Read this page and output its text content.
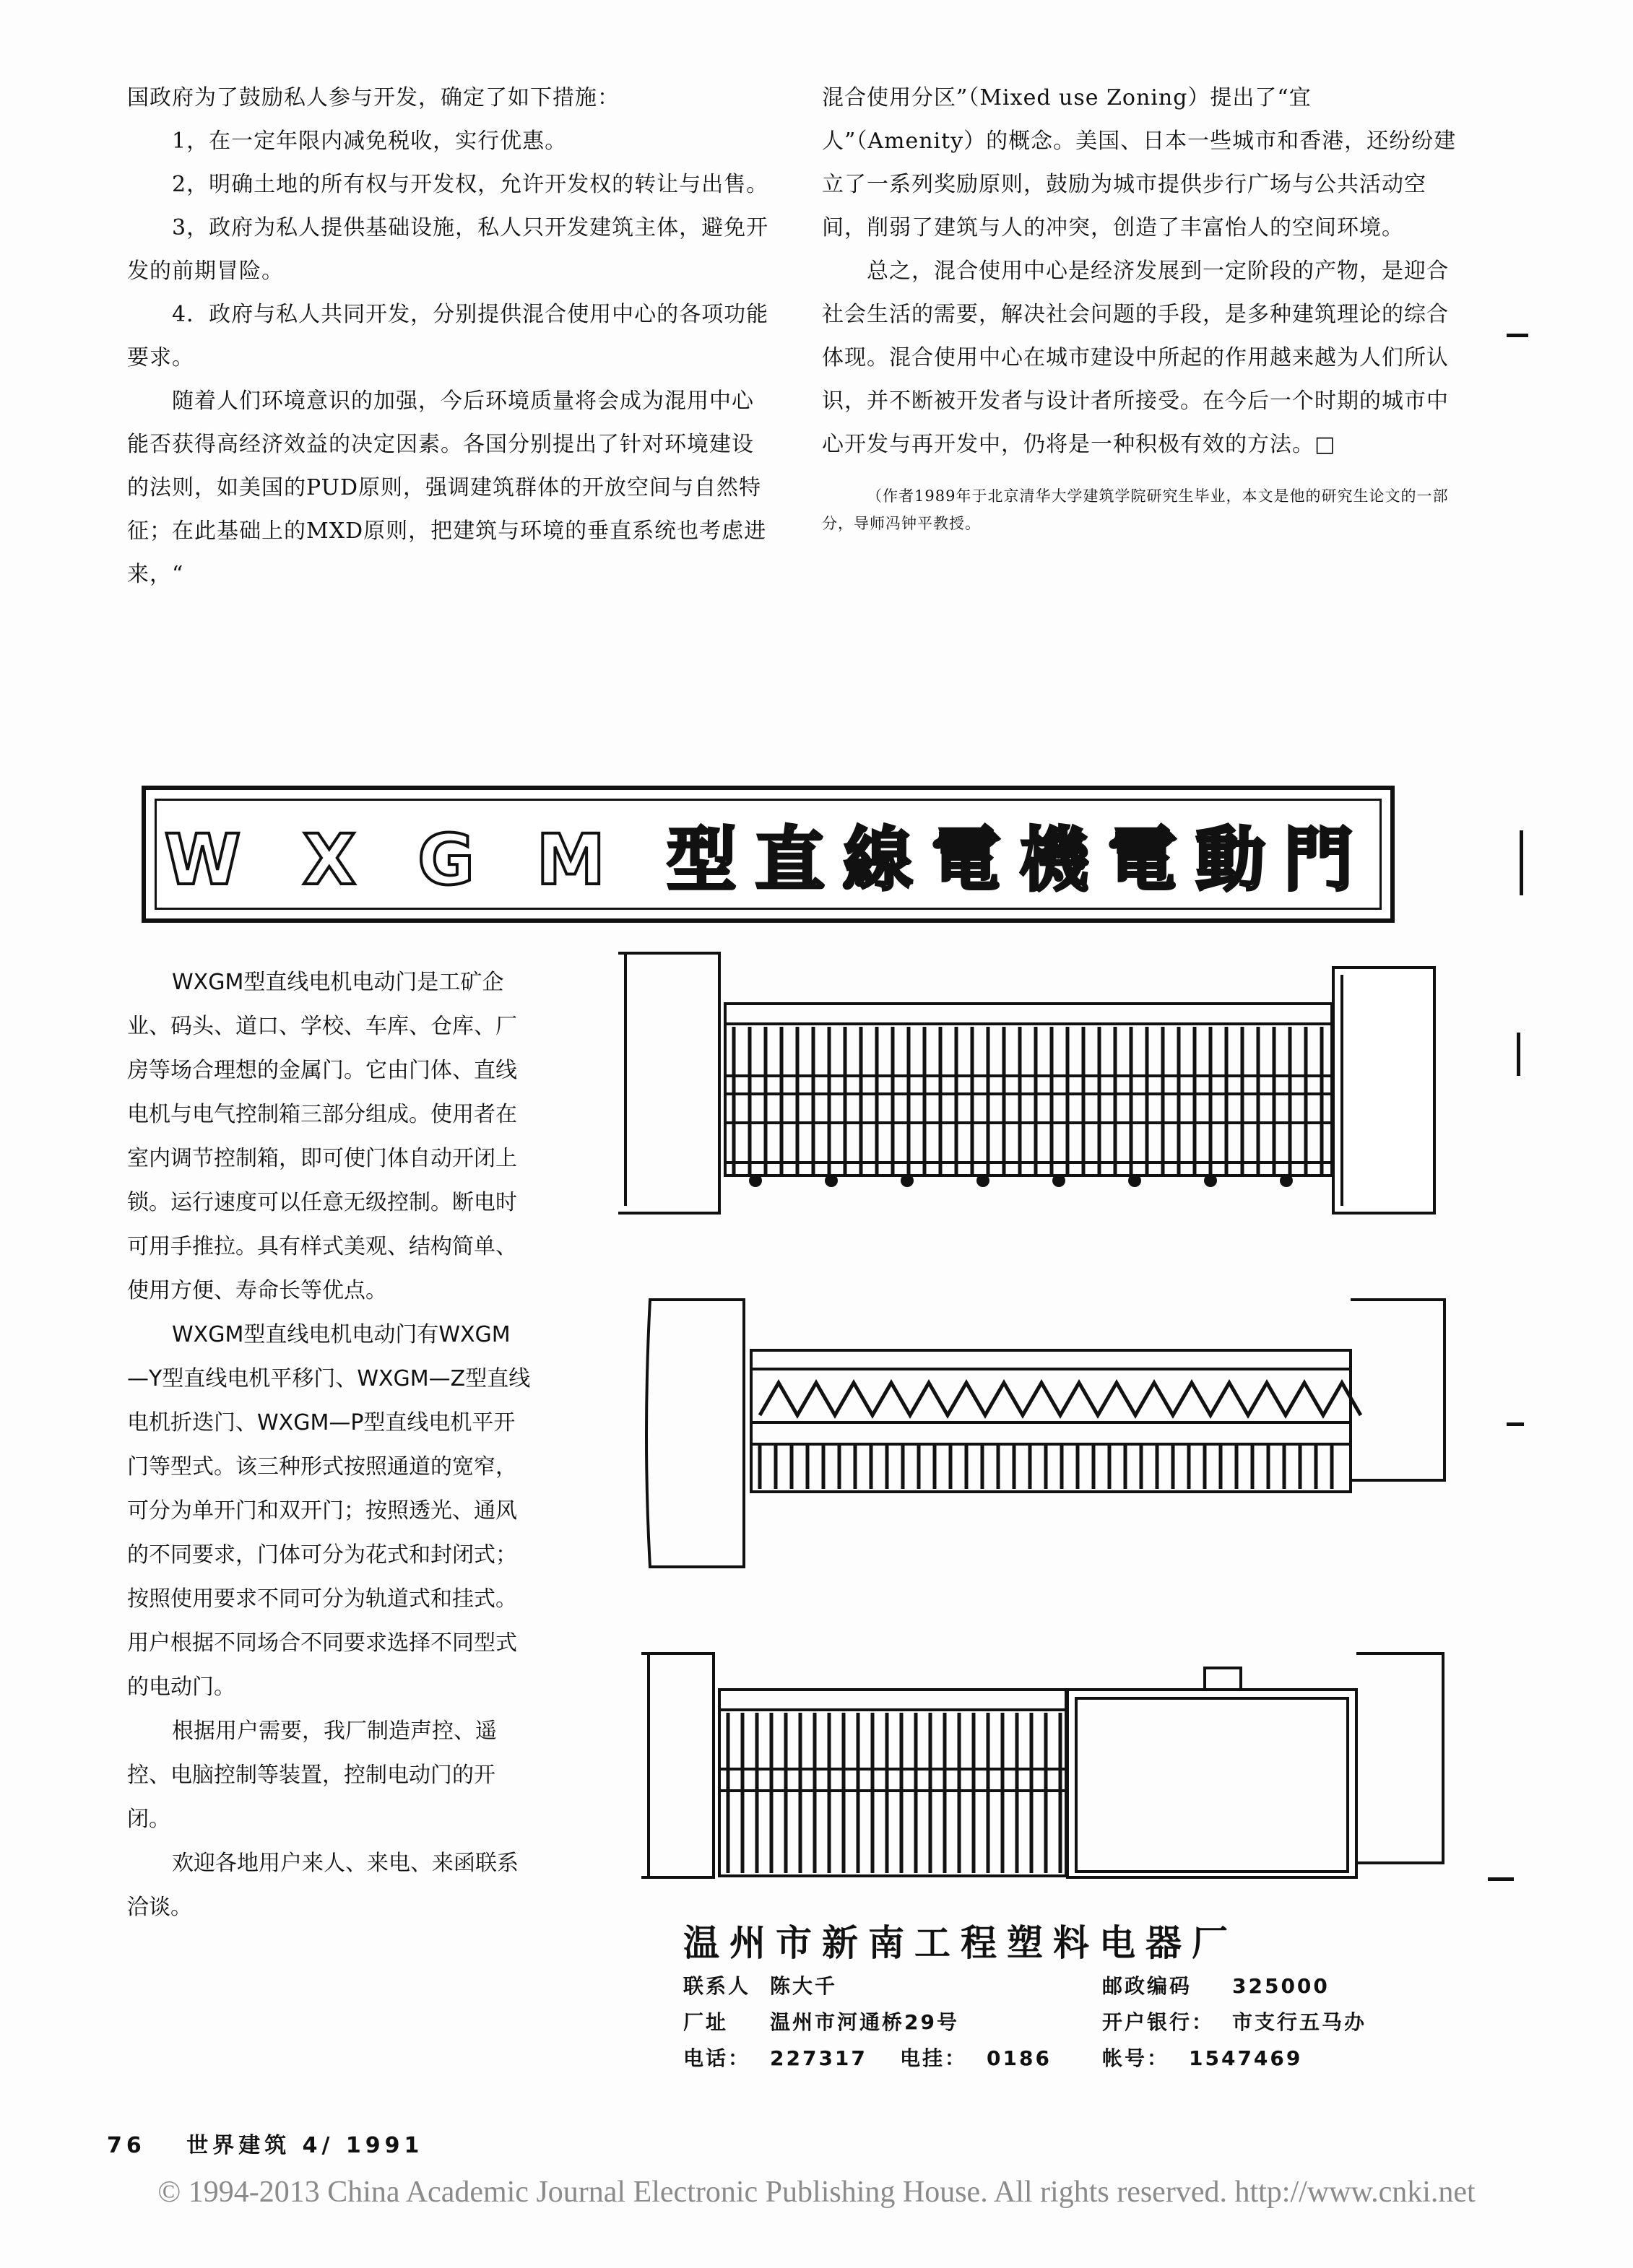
国政府为了鼓励私人参与开发，确定了如下措施：

1，在一定年限内减免税收，实行优惠。

2，明确土地的所有权与开发权，允许开发权的转让与出售。

3，政府为私人提供基础设施，私人只开发建筑主体，避免开发的前期冒险。

4．政府与私人共同开发，分别提供混合使用中心的各项功能要求。

随着人们环境意识的加强，今后环境质量将会成为混用中心能否获得高经济效益的决定因素。各国分别提出了针对环境建设的法则，如美国的PUD原则，强调建筑群体的开放空间与自然特征；在此基础上的MXD原则，把建筑与环境的垂直系统也考虑进来，“

混合使用分区”（Mixed use Zoning）提出了“宜人”（Amenity）的概念。美国、日本一些城市和香港，还纷纷建立了一系列奖励原则，鼓励为城市提供步行广场与公共活动空间，削弱了建筑与人的冲突，创造了丰富怡人的空间环境。

总之，混合使用中心是经济发展到一定阶段的产物，是迎合社会生活的需要，解决社会问题的手段，是多种建筑理论的综合体现。混合使用中心在城市建设中所起的作用越来越为人们所认识，并不断被开发者与设计者所接受。在今后一个时期的城市中心开发与再开发中，仍将是一种积极有效的方法。□

（作者1989年于北京清华大学建筑学院研究生毕业，本文是他的研究生论文的一部分，导师冯钟平教授。

W X G M 型直線電機電動門

WXGM型直线电机电动门是工矿企业、码头、道口、学校、车库、仓库、厂房等场合理想的金属门。它由门体、直线电机与电气控制箱三部分组成。使用者在室内调节控制箱，即可使门体自动开闭上锁。运行速度可以任意无级控制。断电时可用手推拉。具有样式美观、结构简单、使用方便、寿命长等优点。

WXGM型直线电机电动门有WXGM—Y型直线电机平移门、WXGM—Z型直线电机折迭门、WXGM—P型直线电机平开门等型式。该三种形式按照通道的宽窄，可分为单开门和双开门；按照透光、通风的不同要求，门体可分为花式和封闭式；按照使用要求不同可分为轨道式和挂式。用户根据不同场合不同要求选择不同型式的电动门。

根据用户需要，我厂制造声控、遥控、电脑控制等装置，控制电动门的开闭。

欢迎各地用户来人、来电、来函联系洽谈。

温州市新南工程塑料电器厂
联系人 陈大千	邮政编码	325000
厂址	温州市河通桥29号	开户银行： 市支行五马办
电话： 227317	电挂： 0186	帐号： 1547469
76 世界建筑 4/ 1991
© 1994-2013 China Academic Journal Electronic Publishing House. All rights reserved. http://www.cnki.net
